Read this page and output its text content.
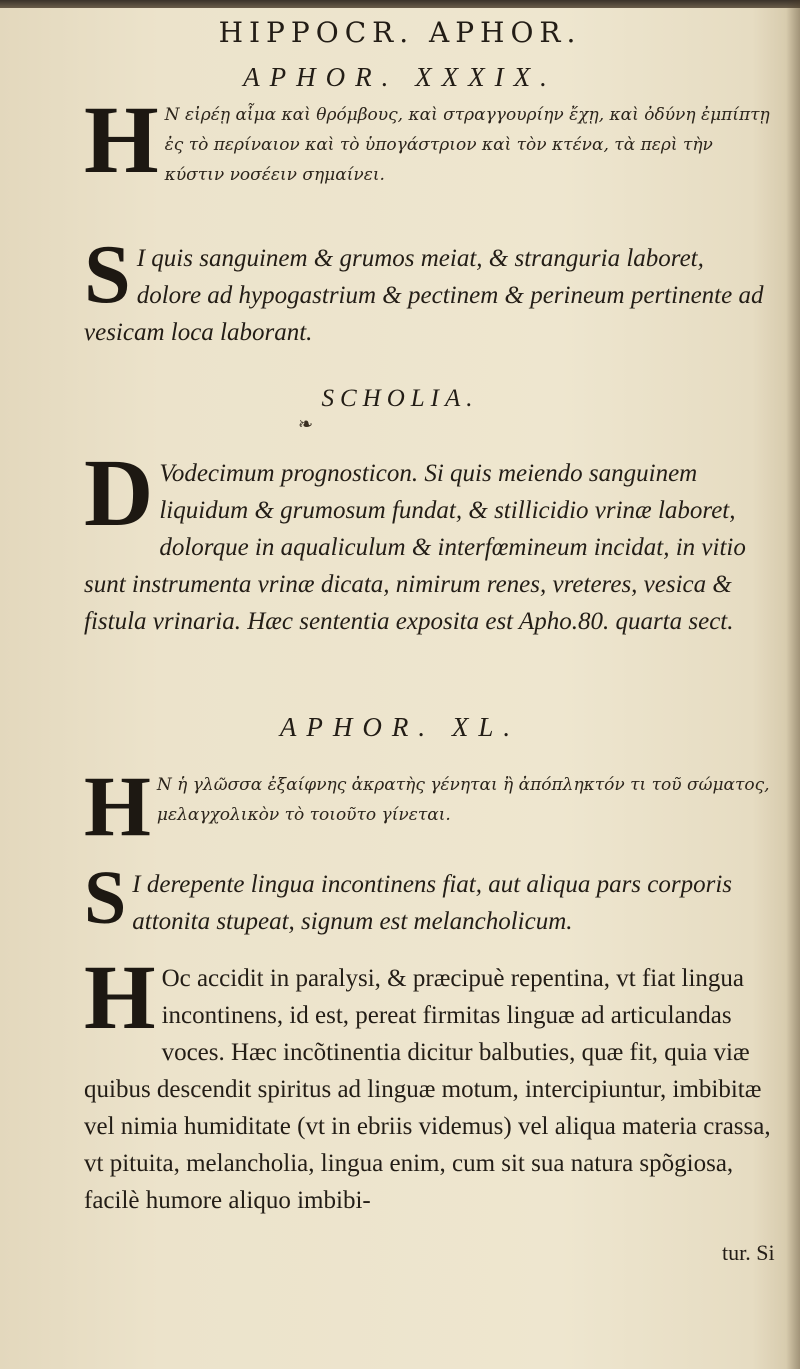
HIPPOCR. APHOR.
APHOR. XXXIX.
H Ν εἰρέῃ αἷμα καὶ θρόμβους, καὶ στραγγουρίην ἔχῃ, καὶ ὀδύνη ἐμπίπτῃ ἐς τὸ περίναιον καὶ τὸ ὑπογάστριον καὶ τὸν κτένα, τὰ περὶ τὴν κύστιν νοσέειν σημαίνει.
S I quis sanguinem & grumos meiat, & stranguria laboret, dolore ad hypogastrium & pectinem & perineum pertinente ad vesicam loca laborant.
SCHOLIA.
❧
D Vodecimum prognosticon. Si quis meiendo sanguinem liquidum & grumosum fundat, & stillicidio vrinæ laboret, dolorque in aqualiculum & interfœmineum incidat, in vitio sunt instrumenta vrinæ dicata, nimirum renes, vreteres, vesica & fistula vrinaria. Hæc sententia exposita est Apho.80. quarta sect.
APHOR. XL.
H Ν ἡ γλῶσσα ἐξαίφνης ἀκρατὴς γένηται ἢ ἀπόπληκτόν τι τοῦ σώματος, μελαγχολικὸν τὸ τοιοῦτο γίνεται.
S I derepente lingua incontinens fiat, aut aliqua pars corporis attonita stupeat, signum est melancholicum.
H Oc accidit in paralysi, & præcipuè repentina, vt fiat lingua incontinens, id est, pereat firmitas linguæ ad articulandas voces. Hæc incõtinentia dicitur balbuties, quæ fit, quia viæ quibus descendit spiritus ad linguæ motum, intercipiuntur, imbibitæ vel nimia humiditate (vt in ebriis videmus) vel aliqua materia crassa, vt pituita, melancholia, lingua enim, cum sit sua natura spõgiosa, facilè humore aliquo imbibi-
tur. Si
